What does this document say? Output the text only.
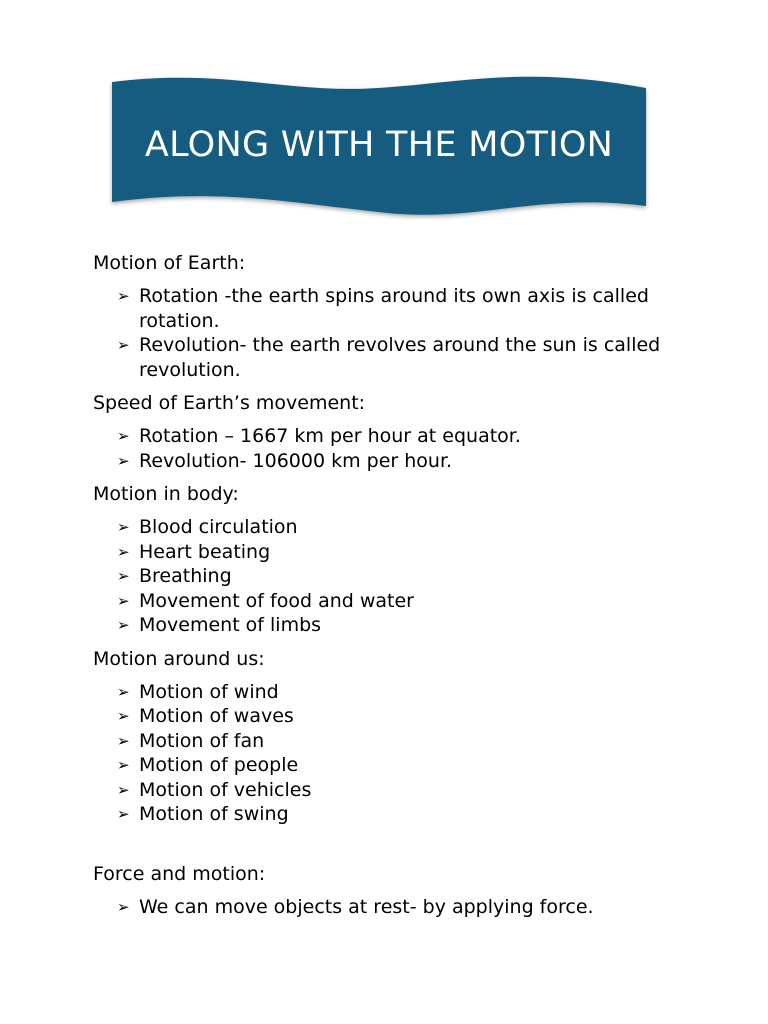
ALONG WITH THE MOTION
Motion of Earth:
➢ Rotation -the earth spins around its own axis is called rotation.
➢ Revolution- the earth revolves around the sun is called revolution.
Speed of Earth’s movement:
➢ Rotation – 1667 km per hour at equator.
➢ Revolution- 106000 km per hour.
Motion in body:
➢ Blood circulation
➢ Heart beating
➢ Breathing
➢ Movement of food and water
➢ Movement of limbs
Motion around us:
➢ Motion of wind
➢ Motion of waves
➢ Motion of fan
➢ Motion of people
➢ Motion of vehicles
➢ Motion of swing
Force and motion:
➢ We can move objects at rest- by applying force.
